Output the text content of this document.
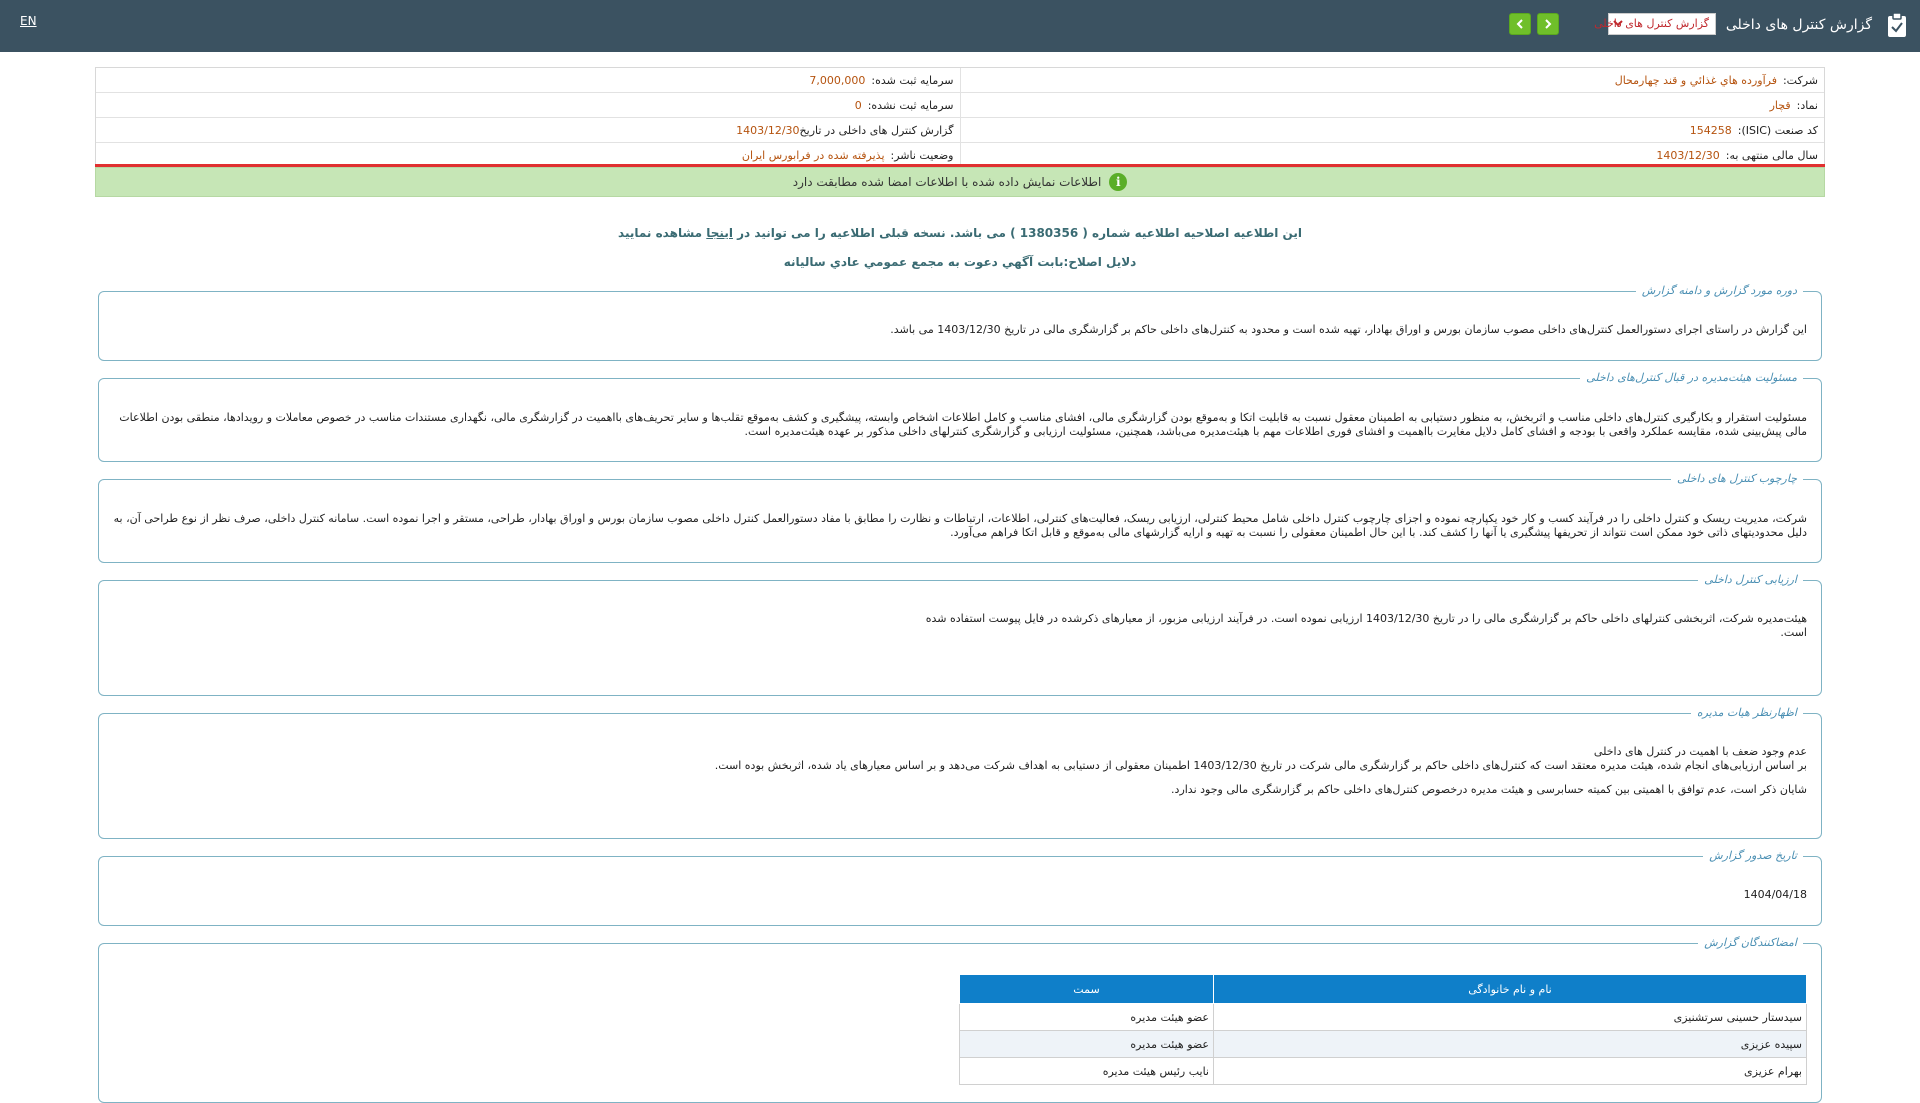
EN	گزارش کنترل های داخلی	گزارش کنترل های داخلی
شرکت:
فرآورده هاي غذائي و قند چهارمحال
سرمایه ثبت شده:
7,000,000
نماد:
قچار
سرمایه ثبت نشده:
0
کد صنعت (ISIC):
154258
گزارش کنترل های داخلی در تاریخ
1403/12/30
سال مالی منتهی به:
1403/12/30
وضعیت ناشر:
پذیرفته شده در فرابورس ایران
i
اطلاعات نمایش داده شده با اطلاعات امضا شده مطابقت دارد
این اطلاعیه اصلاحیه اطلاعیه شماره ( 1380356 ) می باشد. نسخه قبلی اطلاعیه را می توانید در اینجا مشاهده نمایید
دلایل اصلاح:بابت آگهي دعوت به مجمع عمومي عادي ساليانه
دوره مورد گزارش و دامنه گزارش
این گزارش در راستای اجرای دستورالعمل کنترل‌های داخلی مصوب سازمان بورس و اوراق بهادار، تهیه شده است و محدود به کنترل‌های داخلی حاکم بر گزارشگری مالی در تاریخ 1403/12/30 می باشد.
مسئولیت هیئت‌مدیره در قبال کنترل‌های داخلی
مسئولیت استقرار و بکارگیری کنترل‌های داخلی مناسب و اثربخش، به منظور دستیابی به اطمینان معقول نسبت به قابلیت اتکا و به‌موقع بودن گزارشگری مالی، افشای مناسب و کامل اطلاعات اشخاص وابسته، پیشگیری و کشف به‌موقع تقلب‌ها و سایر تحریف‌های بااهمیت در گزارشگری مالی، نگهداری مستندات مناسب در خصوص معاملات و رویدادها، منطقی بودن اطلاعات مالی پیش‌بینی شده، مقایسه عملکرد واقعی با بودجه و افشای کامل دلایل مغایرت بااهمیت و افشای فوری اطلاعات مهم با هیئت‌مدیره می‌باشد، همچنین، مسئولیت ارزیابی و گزارشگری کنترلهای داخلی مذکور بر عهده هیئت‌مدیره است.
چارچوب کنترل های داخلی
شرکت، مدیریت ریسک و کنترل داخلی را در فرآیند کسب و کار خود یکپارچه نموده و اجزای چارچوب کنترل داخلی شامل محیط کنترلی، ارزیابی ریسک، فعالیت‌های کنترلی، اطلاعات، ارتباطات و نظارت را مطابق با مفاد دستورالعمل کنترل داخلی مصوب سازمان بورس و اوراق بهادار، طراحی، مستقر و اجرا نموده است. سامانه کنترل داخلی، صرف نظر از نوع طراحی آن، به دلیل محدودیتهای ذاتی خود ممکن است نتواند از تحریفها پیشگیری یا آنها را کشف کند. با این حال اطمینان معقولی را نسبت به تهیه و ارایه گزارشهای مالی به‌موقع و قابل اتکا فراهم می‌آورد.
ارزیابی کنترل داخلی
هیئت‌مدیره شرکت، اثربخشی کنترلهای داخلی حاکم بر گزارشگری مالی را در تاریخ 1403/12/30 ارزیابی نموده است. در فرآیند ارزیابی مزبور، از معیارهای ذکرشده در فایل پیوست استفاده شده است.
اظهارنظر هیات مدیره
عدم وجود ضعف با اهمیت در کنترل های داخلی
بر اساس ارزیابی‌های انجام شده، هیئت مدیره معتقد است که کنترل‌های داخلی حاکم بر گزارشگری مالی شرکت در تاریخ 1403/12/30 اطمینان معقولی از دستیابی به اهداف شرکت می‌دهد و بر اساس معیارهای یاد شده، اثربخش بوده است.
شایان ذکر است، عدم توافق با اهمیتی بین کمیته حسابرسی و هیئت مدیره درخصوص کنترل‌های داخلی حاکم بر گزارشگری مالی وجود ندارد.
تاریخ صدور گزارش
1404/04/18
امضاکنندگان گزارش
نام و نام خانوادگی	سمت
سیدستار حسینی سرتشنیزی	عضو هیئت مدیره
سپیده عزیزی	عضو هیئت مدیره
بهرام عزیزی	نایب رئیس هیئت مدیره
